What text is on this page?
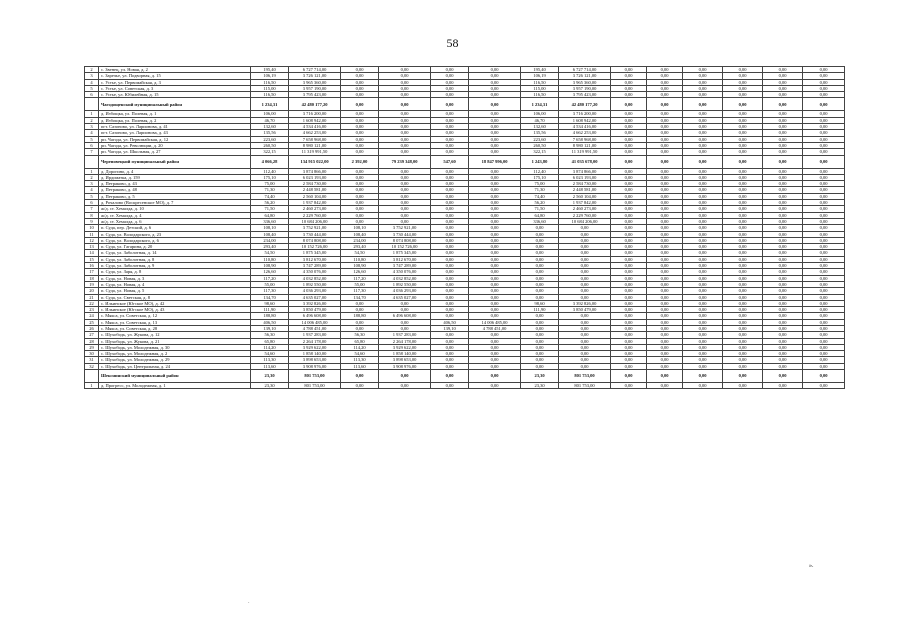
58
2	с. Звенец, ул. Новая, д. 2	195,40	6 727 714,00	0,00	0,00	0,00	0,00	195,40	6 727 714,00	0,00	0,00	0,00	0,00	0,00	0,00
3	с. Заречье, ул. Подворная, д. 15	106,19	3 726 121,00	0,00	0,00	0,00	0,00	106,19	3 726 121,00	0,00	0,00	0,00	0,00	0,00	0,00
4	с. Устье, ул. Первомайская, д. 3	116,50	3 965 360,00	0,00	0,00	0,00	0,00	116,50	3 965 360,00	0,00	0,00	0,00	0,00	0,00	0,00
5	с. Устье, ул. Советская, д. 3	115,00	3 957 190,00	0,00	0,00	0,00	0,00	115,00	3 957 190,00	0,00	0,00	0,00	0,00	0,00	0,00
6	с. Устье, ул. Юбилейная, д. 15	116,50	3 795 423,00	0,00	0,00	0,00	0,00	116,50	3 795 423,00	0,00	0,00	0,00	0,00	0,00	0,00
	Чагодощенский муниципальный район	1 234,31	42 480 177,20	0,00	0,00	0,00	0,00	1 234,31	42 480 177,20	0,00	0,00	0,00	0,00	0,00	0,00
1	д. Избощка, ул. Полевая, д. 1	106,00	3 716 200,00	0,00	0,00	0,00	0,00	106,00	3 716 200,00	0,00	0,00	0,00	0,00	0,00	0,00
2	д. Избощка, ул. Полевая, д. 2	46,70	1 608 942,00	0,00	0,00	0,00	0,00	46,70	1 608 942,00	0,00	0,00	0,00	0,00	0,00	0,00
3	пгт. Сазоново, ул. Ларионова, д. 41	132,60	4 534 416,00	0,00	0,00	0,00	0,00	132,60	4 534 416,00	0,00	0,00	0,00	0,00	0,00	0,00
4	пгт. Сазоново, ул. Ларионова, д. 43	135,56	4 662 253,00	0,00	0,00	0,00	0,00	135,56	4 662 253,00	0,00	0,00	0,00	0,00	0,00	0,00
5	рп. Чагода, ул. Первомайская, д. 12	223,60	7 658 968,00	0,00	0,00	0,00	0,00	223,60	7 658 968,00	0,00	0,00	0,00	0,00	0,00	0,00
6	рп. Чагода, ул. Революции, д. 20	260,50	8 980 121,00	0,00	0,00	0,00	0,00	260,50	8 980 121,00	0,00	0,00	0,00	0,00	0,00	0,00
7	рп. Чагода, ул. Школьная, д. 27	322,15	11 319 991,50	0,00	0,00	0,00	0,00	322,15	11 319 991,50	0,00	0,00	0,00	0,00	0,00	0,00
	Череповецкий муниципальный район	4 066,28	134 915 022,00	2 392,00	79 239 348,00	547,60	18 847 996,00	1 243,80	41 035 678,00	0,00	0,00	0,00	0,00	0,00	0,00
1	д. Дорогино, д. 4	112,40	3 874 866,00	0,00	0,00	0,00	0,00	112,40	3 874 866,00	0,00	0,00	0,00	0,00	0,00	0,00
2	д. Ирдоматка, д. 159	175,10	6 023 193,00	0,00	0,00	0,00	0,00	175,10	6 023 193,00	0,00	0,00	0,00	0,00	0,00	0,00
3	д. Петраково, д. 43	75,00	2 584 730,00	0,00	0,00	0,00	0,00	75,00	2 584 730,00	0,00	0,00	0,00	0,00	0,00	0,00
4	д. Петраково, д. 48	71,30	2 448 581,00	0,00	0,00	0,00	0,00	71,30	2 448 581,00	0,00	0,00	0,00	0,00	0,00	0,00
5	д. Петраково, д. 5	74,40	2 560 104,00	0,00	0,00	0,00	0,00	74,40	2 560 104,00	0,00	0,00	0,00	0,00	0,00	0,00
6	д. Рочалово (Воскресенское МО), д. 7	56,20	1 937 842,00	0,00	0,00	0,00	0,00	56,20	1 937 842,00	0,00	0,00	0,00	0,00	0,00	0,00
7	ж/д. ст. Хемалда, д. 10	71,50	2 460 273,00	0,00	0,00	0,00	0,00	71,50	2 460 273,00	0,00	0,00	0,00	0,00	0,00	0,00
8	ж/д. ст. Хемалда, д. 4	64,80	2 229 760,00	0,00	0,00	0,00	0,00	64,80	2 229 760,00	0,00	0,00	0,00	0,00	0,00	0,00
9	ж/д. ст. Хемалда, д. 6	336,60	10 684 206,00	0,00	0,00	0,00	0,00	336,60	10 684 206,00	0,00	0,00	0,00	0,00	0,00	0,00
10	п. Суда, пер. Детский, д. 6	108,10	3 752 921,00	108,10	3 752 921,00	0,00	0,00	0,00	0,00	0,00	0,00	0,00	0,00	0,00	0,00
11	п. Суда, ул. Володарского, д. 23	108,40	3 730 444,00	108,40	3 730 444,00	0,00	0,00	0,00	0,00	0,00	0,00	0,00	0,00	0,00	0,00
12	п. Суда, ул. Володарского, д. 6	234,00	8 074 808,00	234,00	8 074 808,00	0,00	0,00	0,00	0,00	0,00	0,00	0,00	0,00	0,00	0,00
13	п. Суда, ул. Гагарина, д. 20	293,40	10 152 726,00	293,40	10 152 726,00	0,00	0,00	0,00	0,00	0,00	0,00	0,00	0,00	0,00	0,00
14	п. Суда, ул. Заболотная, д. 14	54,50	1 875 345,00	54,50	1 875 345,00	0,00	0,00	0,00	0,00	0,00	0,00	0,00	0,00	0,00	0,00
15	п. Суда, ул. Заболотная, д. 8	110,80	3 812 670,00	110,80	3 812 670,00	0,00	0,00	0,00	0,00	0,00	0,00	0,00	0,00	0,00	0,00
16	п. Суда, ул. Заболотная, д. 9	108,90	3 747 289,00	108,90	3 747 289,00	0,00	0,00	0,00	0,00	0,00	0,00	0,00	0,00	0,00	0,00
17	п. Суда, ул. Заря, д. 8	126,60	4 350 076,00	126,60	4 350 076,00	0,00	0,00	0,00	0,00	0,00	0,00	0,00	0,00	0,00	0,00
18	п. Суда, ул. Новая, д. 3	117,20	4 032 852,00	117,20	4 032 852,00	0,00	0,00	0,00	0,00	0,00	0,00	0,00	0,00	0,00	0,00
19	п. Суда, ул. Новая, д. 4	55,00	1 892 550,00	55,00	1 892 550,00	0,00	0,00	0,00	0,00	0,00	0,00	0,00	0,00	0,00	0,00
20	п. Суда, ул. Новая, д. 5	117,30	4 036 293,00	117,30	4 036 293,00	0,00	0,00	0,00	0,00	0,00	0,00	0,00	0,00	0,00	0,00
21	п. Суда, ул. Светская, д. 8	134,70	4 635 027,00	134,70	4 635 027,00	0,00	0,00	0,00	0,00	0,00	0,00	0,00	0,00	0,00	0,00
22	с. Ильинское (Югское МО), д. 42	98,60	3 392 826,00	0,00	0,00	0,00	0,00	98,60	3 392 826,00	0,00	0,00	0,00	0,00	0,00	0,00
23	с. Ильинское (Югское МО), д. 43	111,90	3 850 479,00	0,00	0,00	0,00	0,00	111,90	3 850 479,00	0,00	0,00	0,00	0,00	0,00	0,00
24	с. Мякса, ул. Советская, д. 12	188,80	6 496 608,00	188,80	6 496 608,00	0,00	0,00	0,00	0,00	0,00	0,00	0,00	0,00	0,00	0,00
25	с. Мякса, ул. Советская, д. 13	406,50	14 006 485,00	0,00	0,00	406,50	14 006 485,00	0,00	0,00	0,00	0,00	0,00	0,00	0,00	0,00
26	с. Мякса, ул. Советская, д. 28	139,10	4 788 451,00	0,00	0,00	139,10	4 788 451,00	0,00	0,00	0,00	0,00	0,00	0,00	0,00	0,00
27	с. Шухободь, ул. Жукова, д. 12	56,30	1 937 283,00	56,30	1 937 283,00	0,00	0,00	0,00	0,00	0,00	0,00	0,00	0,00	0,00	0,00
28	с. Шухободь, ул. Жукова, д. 21	65,80	2 264 178,00	65,80	2 264 178,00	0,00	0,00	0,00	0,00	0,00	0,00	0,00	0,00	0,00	0,00
29	с. Шухободь, ул. Молодежная, д. 30	114,20	3 929 622,00	114,20	3 929 622,00	0,00	0,00	0,00	0,00	0,00	0,00	0,00	0,00	0,00	0,00
30	с. Шухободь, ул. Молодежная, д. 2	54,60	1 858 140,00	54,60	1 858 140,00	0,00	0,00	0,00	0,00	0,00	0,00	0,00	0,00	0,00	0,00
31	с. Шухободь, ул. Молодежная, д. 29	113,30	3 898 653,00	113,30	3 898 653,00	0,00	0,00	0,00	0,00	0,00	0,00	0,00	0,00	0,00	0,00
32	с. Шухободь, ул. Центральная, д. 24	113,60	3 908 976,00	113,60	3 908 976,00	0,00	0,00	0,00	0,00	0,00	0,00	0,00	0,00	0,00	0,00
	Шекснинский муниципальный район	23,30	801 753,00	0,00	0,00	0,00	0,00	23,30	801 753,00	0,00	0,00	0,00	0,00	0,00	0,00
1	д. Прогресс, ул. Молодежная, д. 1	23,30	801 753,00	0,00	0,00	0,00	0,00	23,30	801 753,00	0,00	0,00	0,00	0,00	0,00	0,00
».
·
